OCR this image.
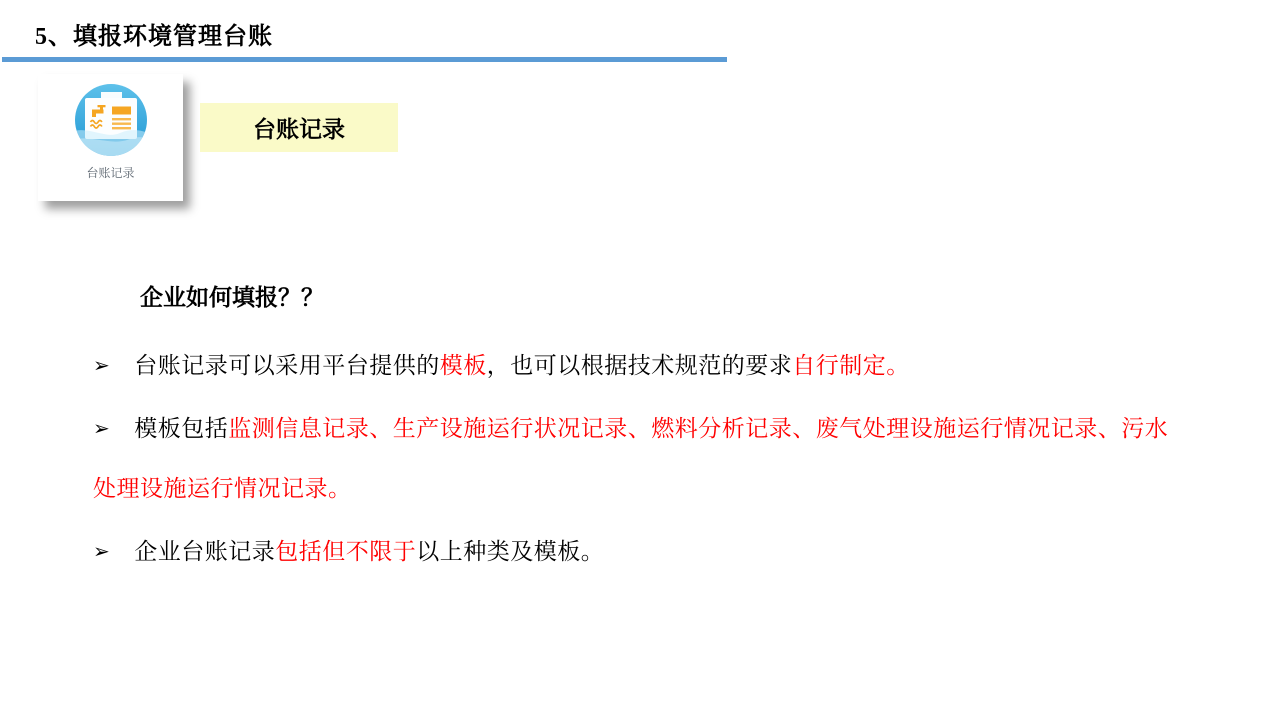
5、填报环境管理台账
台账记录
台账记录
企业如何填报？？

➢ 台账记录可以采用平台提供的模板，也可以根据技术规范的要求自行制定。

➢ 模板包括监测信息记录、生产设施运行状况记录、燃料分析记录、废气处理设施运行情况记录、污水
处理设施运行情况记录。

➢ 企业台账记录包括但不限于以上种类及模板。
